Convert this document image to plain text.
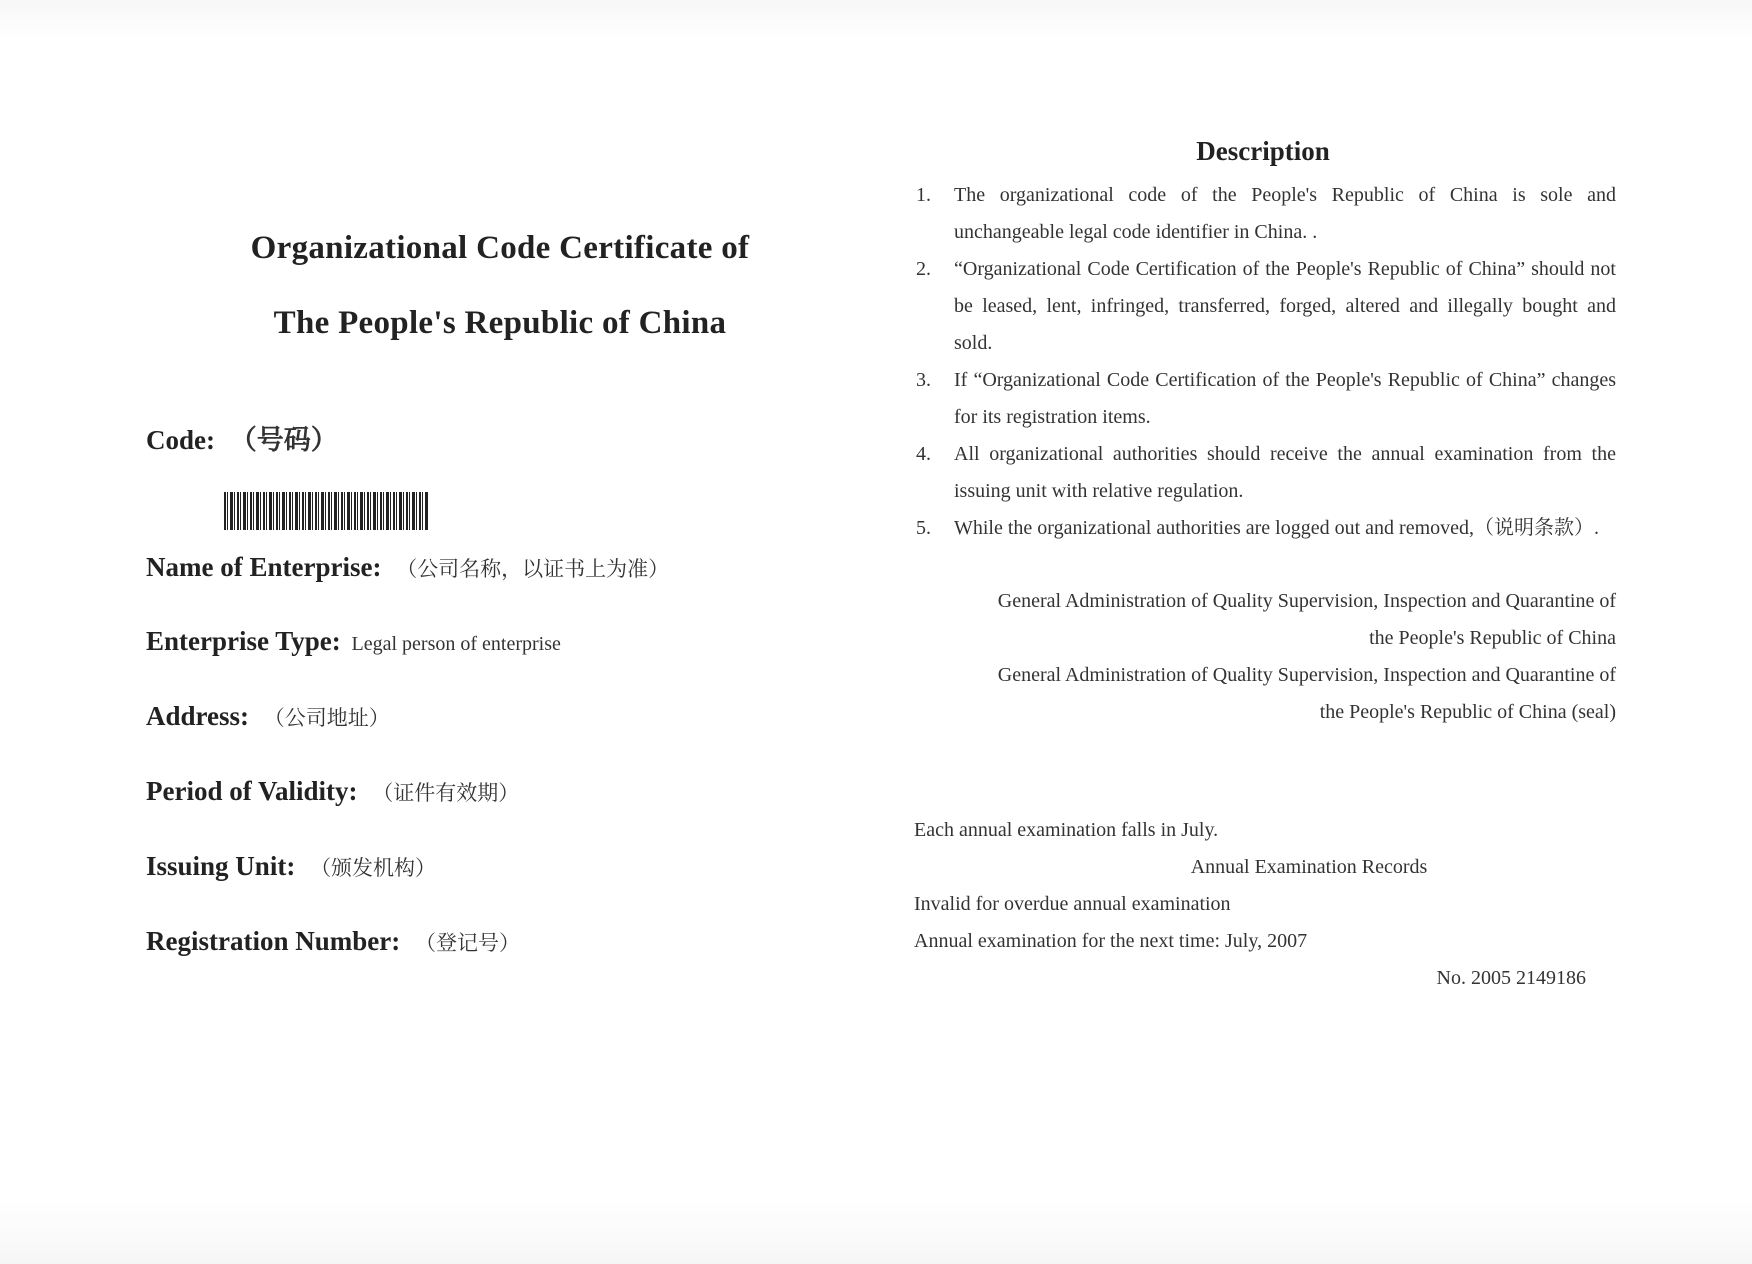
Organizational Code Certificate of
The People's Republic of China
Code: （号码）
Name of Enterprise: （公司名称，以证书上为准）
Enterprise Type: Legal person of enterprise
Address: （公司地址）
Period of Validity: （证件有效期）
Issuing Unit: （颁发机构）
Registration Number: （登记号）
Description
1. The organizational code of the People's Republic of China is sole and unchangeable legal code identifier in China. .
2. “Organizational Code Certification of the People's Republic of China” should not be leased, lent, infringed, transferred, forged, altered and illegally bought and sold.
3. If “Organizational Code Certification of the People's Republic of China” changes for its registration items.
4. All organizational authorities should receive the annual examination from the issuing unit with relative regulation.
5. While the organizational authorities are logged out and removed,（说明条款）.

General Administration of Quality Supervision, Inspection and Quarantine of

the People's Republic of China

General Administration of Quality Supervision, Inspection and Quarantine of

the People's Republic of China (seal)

Each annual examination falls in July.

Annual Examination Records

Invalid for overdue annual examination

Annual examination for the next time: July, 2007

No. 2005 2149186
